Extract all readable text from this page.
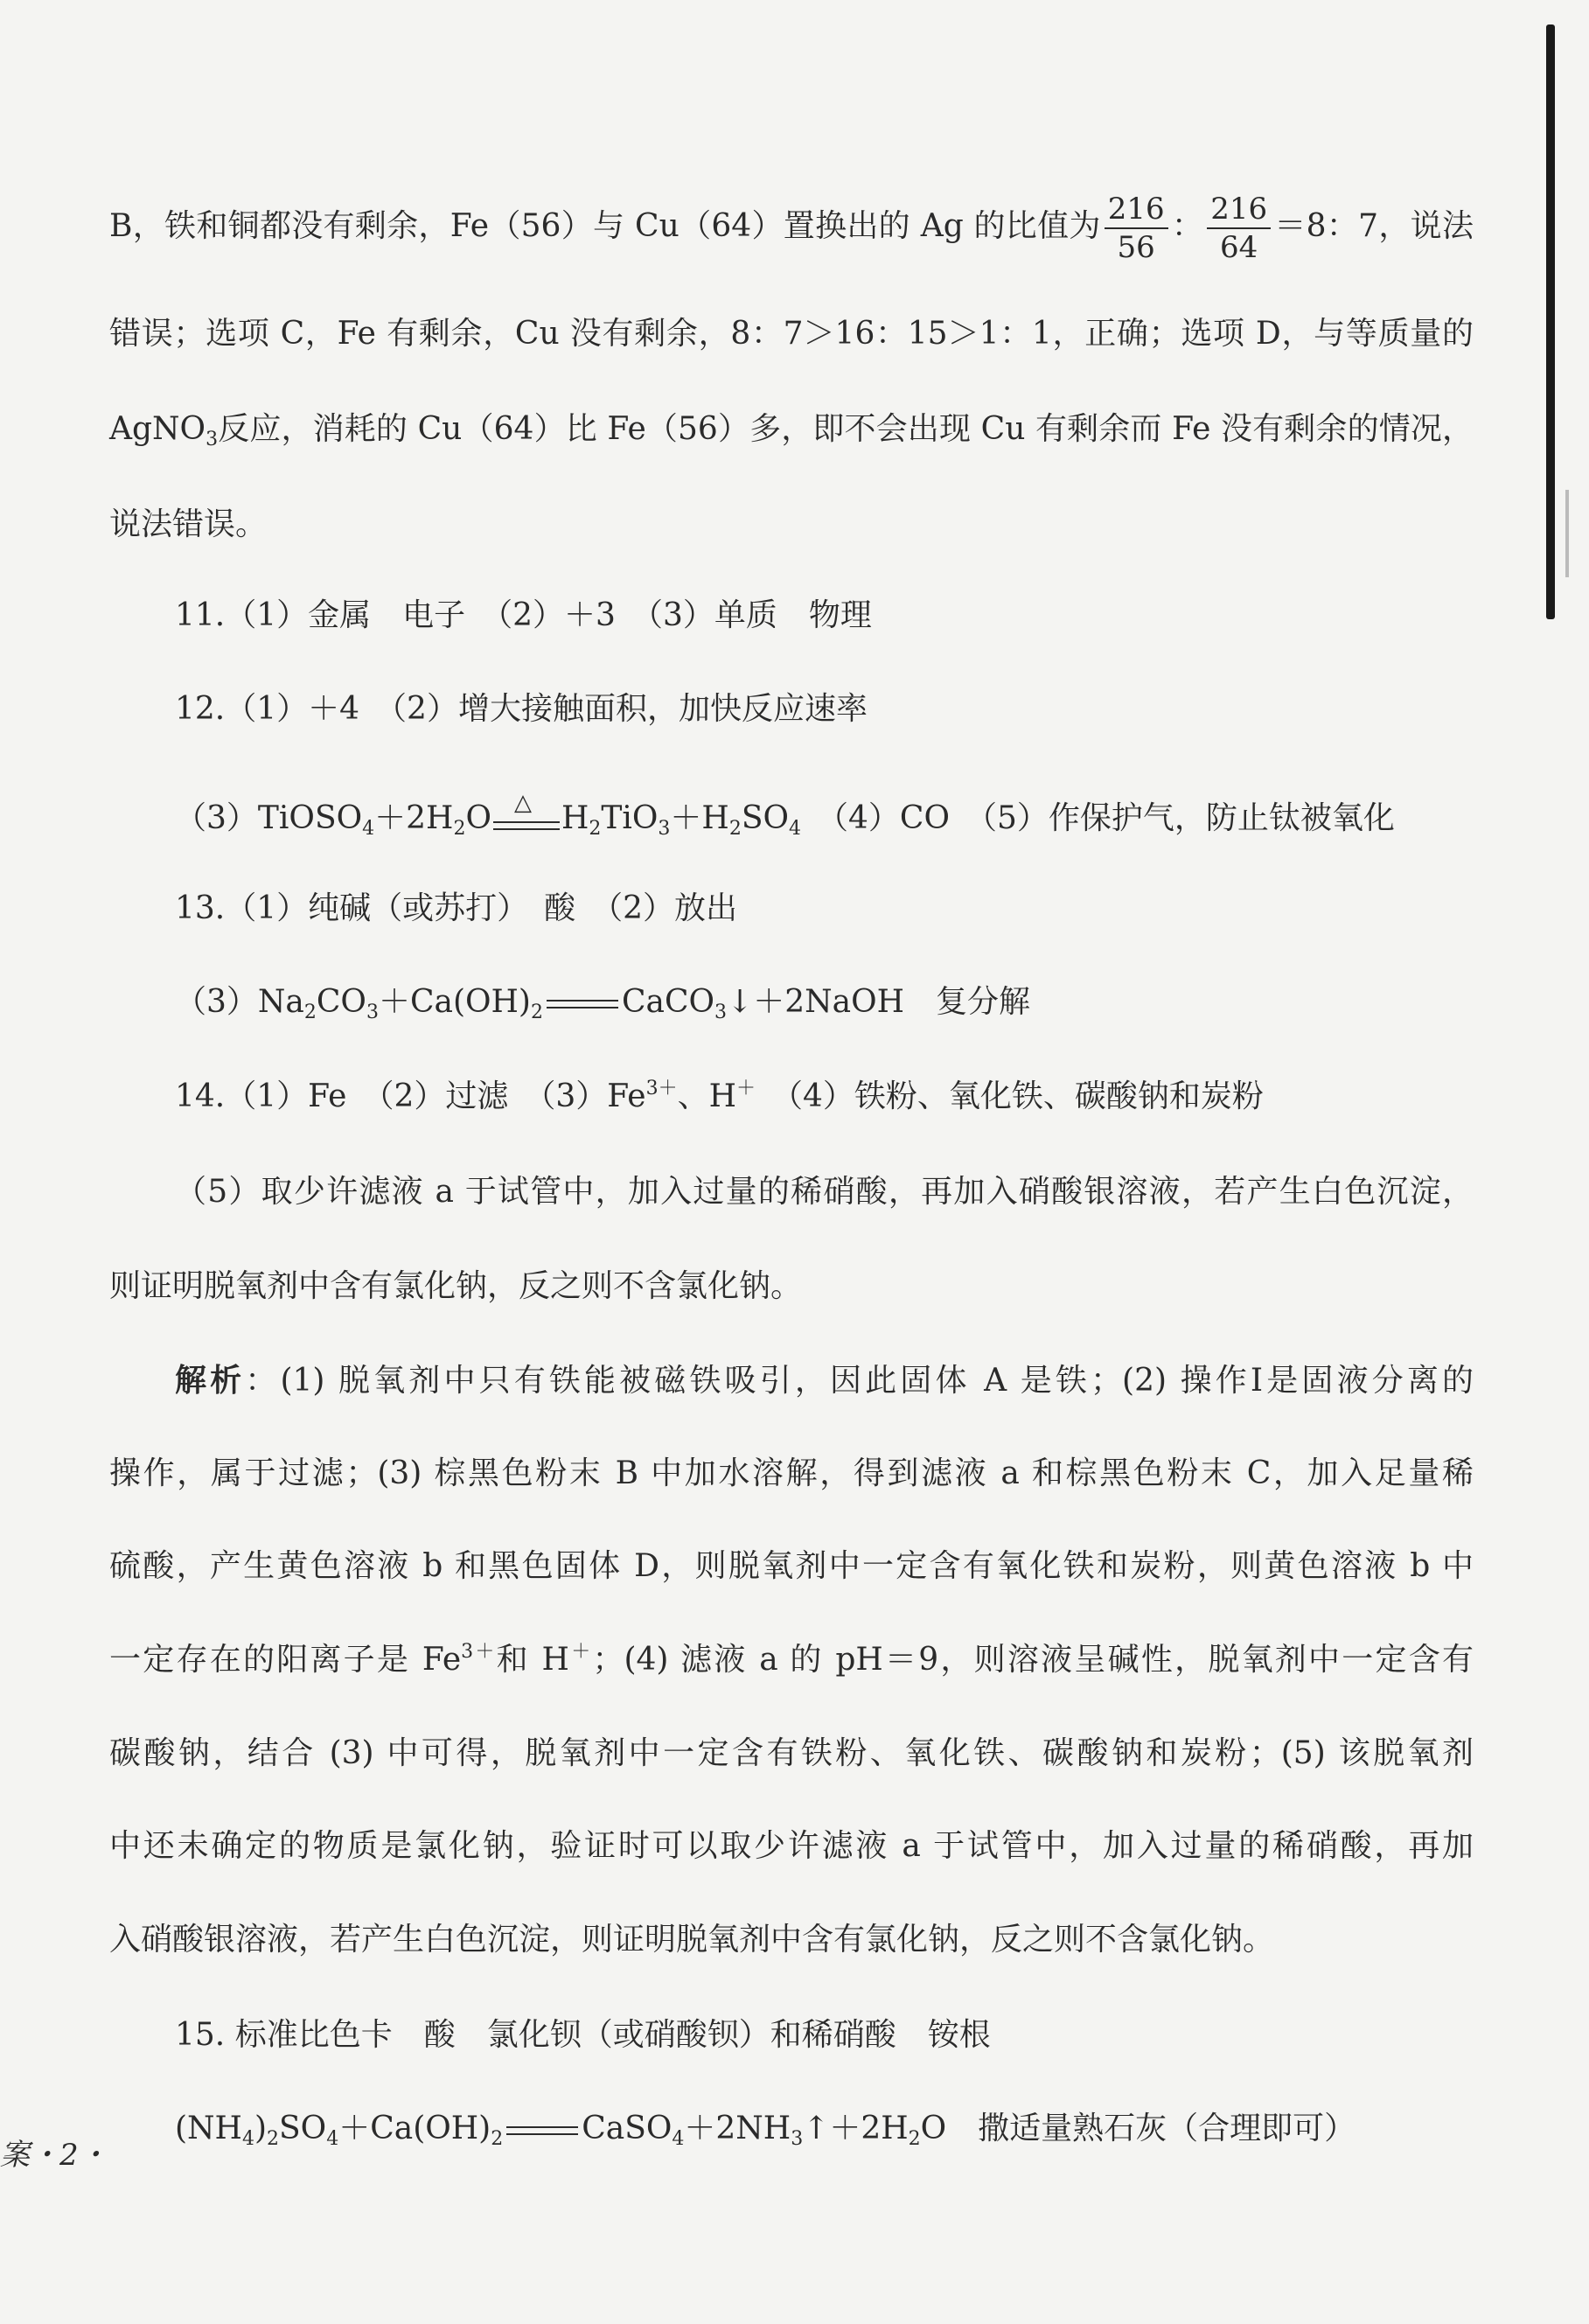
B，铁和铜都没有剩余，Fe（56）与 Cu（64）置换出的 Ag 的比值为 $\frac{216}{56}$ ： $\frac{216}{64} =8$：7，说法
错误；选项 C，Fe 有剩余，Cu 没有剩余，8：7＞16：15＞1：1，正确；选项 D，与等质量的
AgNO$_3$反应，消耗的 Cu（64）比 Fe（56）多，即不会出现 Cu 有剩余而 Fe 没有剩余的情况，
说法错误。
11.（1）金属　电子　（2）＋3　（3）单质　物理
12.（1）＋4　（2）增大接触面积，加快反应速率
$(3)TiOSO_4+2H_2O$ △ $H_2TiO_3+H_2SO_4$　（4）CO　（5）作保护气，防止钛被氧化
13.（1）纯碱（或苏打）　酸　（2）放出
$(3)Na_2CO_3+Ca(OH)_2$	CaCO$_3$↓＋2NaOH　复分解
14.（1）Fe　（2）过滤　$(3)Fe^{3+}$、H＋　（4）铁粉、氧化铁、碳酸钠和炭粉
（5）取少许滤液 a 于试管中，加入过量的稀硝酸，再加入硝酸银溶液，若产生白色沉淀，
则证明脱氧剂中含有氯化钠，反之则不含氯化钠。
解析：(1) 脱氧剂中只有铁能被磁铁吸引，因此固体 A 是铁；(2) 操作Ⅰ是固液分离的
操作，属于过滤；(3) 棕黑色粉末 B 中加水溶解，得到滤液 a 和棕黑色粉末 C，加入足量稀
硫酸，产生黄色溶液 b 和黑色固体 D，则脱氧剂中一定含有氧化铁和炭粉，则黄色溶液 b 中
一定存在的阳离子是 $Fe^{3+}$和 H＋；(4) 滤液 a 的 pH＝9，则溶液呈碱性，脱氧剂中一定含有
碳酸钠，结合 (3) 中可得，脱氧剂中一定含有铁粉、氧化铁、碳酸钠和炭粉；(5) 该脱氧剂
中还未确定的物质是氯化钠，验证时可以取少许滤液 a 于试管中，加入过量的稀硝酸，再加
入硝酸银溶液，若产生白色沉淀，则证明脱氧剂中含有氯化钠，反之则不含氯化钠。
15. 标准比色卡　酸　氯化钡（或硝酸钡）和稀硝酸　铵根
$(NH_4)_2SO_4+Ca(OH)_2$	$CaSO_4+2NH_3↑+2H_2O$　撒适量熟石灰（合理即可）
案・2・
